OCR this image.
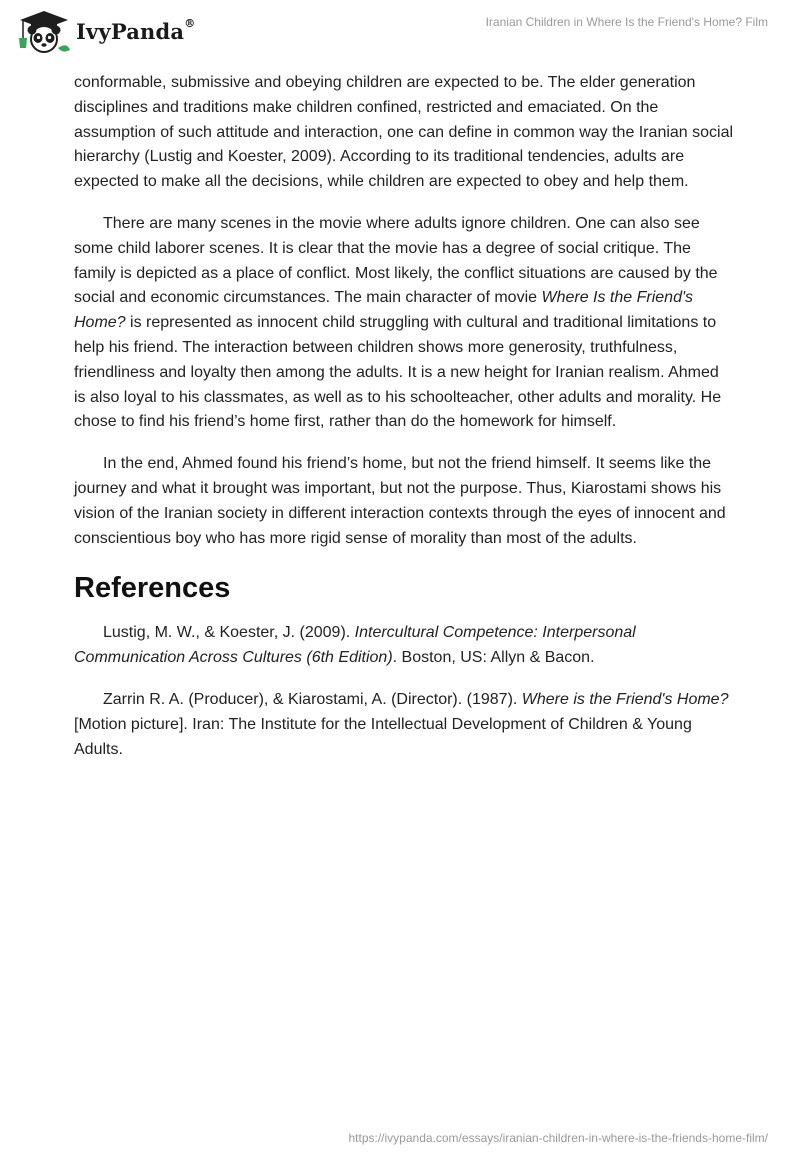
IvyPanda®	Iranian Children in Where Is the Friend's Home? Film

conformable, submissive and obeying children are expected to be. The elder generation disciplines and traditions make children confined, restricted and emaciated. On the assumption of such attitude and interaction, one can define in common way the Iranian social hierarchy (Lustig and Koester, 2009). According to its traditional tendencies, adults are expected to make all the decisions, while children are expected to obey and help them.

There are many scenes in the movie where adults ignore children. One can also see some child laborer scenes. It is clear that the movie has a degree of social critique. The family is depicted as a place of conflict. Most likely, the conflict situations are caused by the social and economic circumstances. The main character of movie Where Is the Friend's Home? is represented as innocent child struggling with cultural and traditional limitations to help his friend. The interaction between children shows more generosity, truthfulness, friendliness and loyalty then among the adults. It is a new height for Iranian realism. Ahmed is also loyal to his classmates, as well as to his schoolteacher, other adults and morality. He chose to find his friend’s home first, rather than do the homework for himself.

In the end, Ahmed found his friend’s home, but not the friend himself. It seems like the journey and what it brought was important, but not the purpose. Thus, Kiarostami shows his vision of the Iranian society in different interaction contexts through the eyes of innocent and conscientious boy who has more rigid sense of morality than most of the adults.

References

Lustig, M. W., & Koester, J. (2009). Intercultural Competence: Interpersonal Communication Across Cultures (6th Edition). Boston, US: Allyn & Bacon.

Zarrin R. A. (Producer), & Kiarostami, A. (Director). (1987). Where is the Friend's Home? [Motion picture]. Iran: The Institute for the Intellectual Development of Children & Young Adults.

https://ivypanda.com/essays/iranian-children-in-where-is-the-friends-home-film/
